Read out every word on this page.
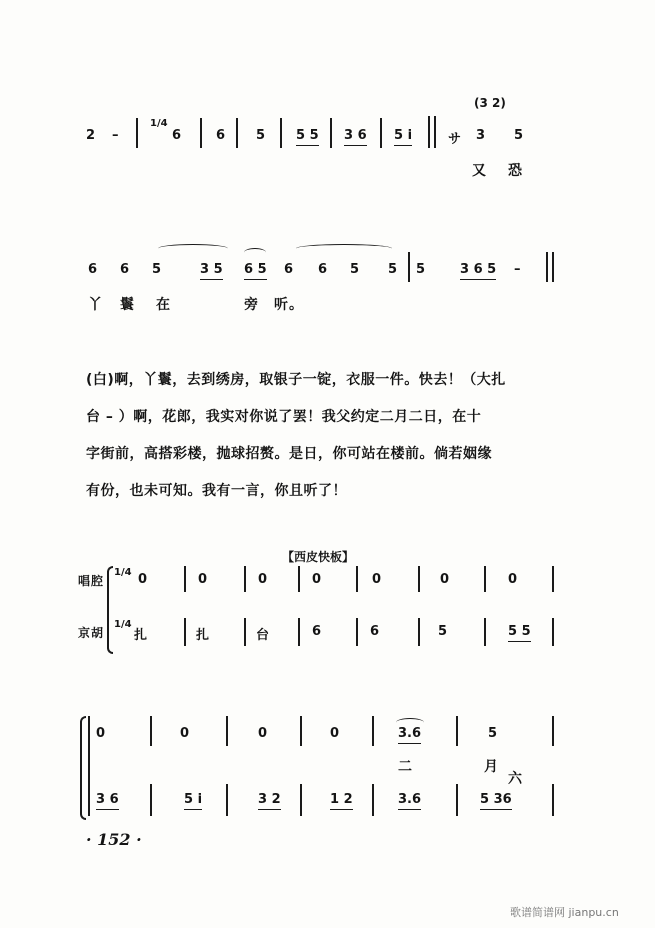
2 –
1/4
6	6 5 5 5 3 6 5 i	サ
(3 2)
3 5
又 恐
6 6 5	3 5 6 5 6 6 5 5 5	3 6 5 –
丫 鬟 在	旁 听。
(白)啊，丫鬟，去到绣房，取银子一锭，衣服一件。快去！（大扎
台 – ）啊，花郎，我实对你说了罢！我父约定二月二日，在十
字街前，高搭彩楼，抛球招赘。是日，你可站在楼前。倘若姻缘
有份，也未可知。我有一言，你且听了！
【西皮快板】
唱腔
京胡
1/4
1/4
0	0	0	0	0	0	0
扎	扎	台	6	6	5	5 5
0	0	0	0	3.6	5
二	月
六
3 6	5 i	3 2	1 2	3.6	5 36
· 152 ·
歌谱简谱网 jianpu.cn
